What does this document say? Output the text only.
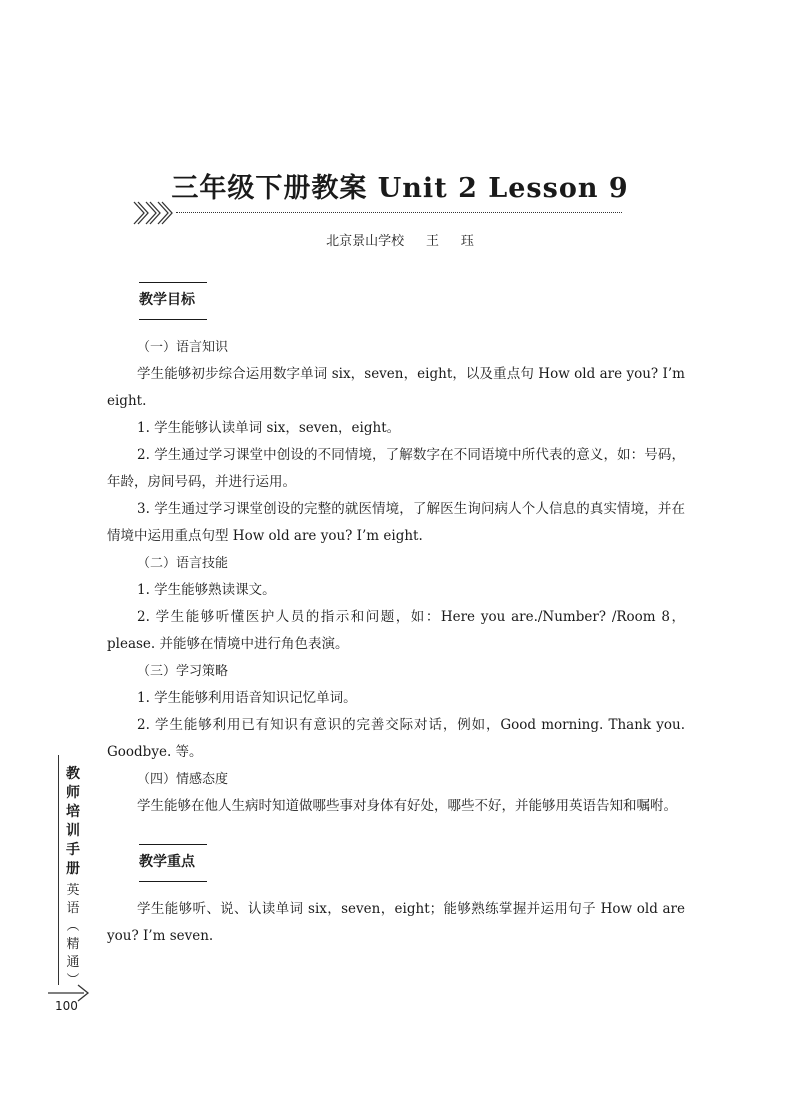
三年级下册教案 Unit 2 Lesson 9
北京景山学校 王 珏
教学目标
（一）语言知识

学生能够初步综合运用数字单词 six，seven，eight，以及重点句 How old are you? I’m eight.

1. 学生能够认读单词 six，seven，eight。

2. 学生通过学习课堂中创设的不同情境，了解数字在不同语境中所代表的意义，如：号码，年龄，房间号码，并进行运用。

3. 学生通过学习课堂创设的完整的就医情境，了解医生询问病人个人信息的真实情境，并在情境中运用重点句型 How old are you? I’m eight.

（二）语言技能

1. 学生能够熟读课文。

2. 学生能够听懂医护人员的指示和问题，如：Here you are./Number? /Room 8，please. 并能够在情境中进行角色表演。

（三）学习策略

1. 学生能够利用语音知识记忆单词。

2. 学生能够利用已有知识有意识的完善交际对话，例如，Good morning. Thank you. Goodbye. 等。

（四）情感态度

学生能够在他人生病时知道做哪些事对身体有好处，哪些不好，并能够用英语告知和嘱咐。

教学重点

学生能够听、说、认读单词 six，seven，eight；能够熟练掌握并运用句子 How old are you? I’m seven.

教
师
培
训
手
册
英
语
︵
精
通
︶
100
